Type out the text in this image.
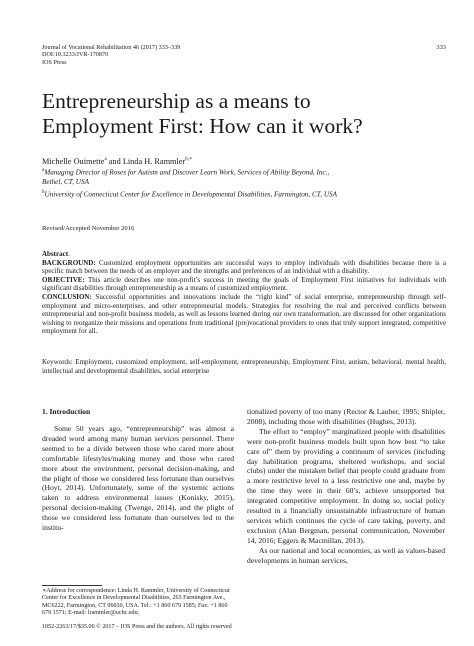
Journal of Vocational Rehabilitation 46 (2017) 333–339
DOI:10.3233/JVR-170870
IOS Press
333
Entrepreneurship as a means to
Employment First: How can it work?
Michelle Ouimette$^a$ and Linda H. Rammler$^{b,∗}$
$^a$Managing Director of Roses for Autism and Discover Learn Work, Services of Ability Beyond, Inc.,
Bethel, CT, USA
$^b$University of Connecticut Center for Excellence in Developmental Disabilities, Farmington, CT, USA
Revised/Accepted November 2016

Abstract.

BACKGROUND: Customized employment opportunities are successful ways to employ individuals with disabilities because there is a specific match between the needs of an employer and the strengths and preferences of an individual with a disability.

OBJECTIVE: This article describes one non-profit’s success in meeting the goals of Employment First initiatives for individuals with significant disabilities through entrepreneurship as a means of customized employment.

CONCLUSION: Successful opportunities and innovations include the “right kind” of social enterprise, entrepreneurship through self-employment and micro-enterprises, and other entrepreneurial models. Strategies for resolving the real and perceived conflicts between entrepreneurial and non-profit business models, as well as lessons learned during our own transformation, are discussed for other organizations wishing to reorganize their missions and operations from traditional (pre)vocational providers to ones that truly support integrated, competitive employment for all.

Keywords: Employment, customized employment, self-employment, entrepreneurship, Employment First, autism, behavioral, mental health, intellectual and developmental disabilities, social enterprise
1. Introduction

Some 50 years ago, “entrepreneurship” was almost a dreaded word among many human services personnel. There seemed to be a divide between those who cared more about comfortable lifestyles/making money and those who cared more about the environment, personal decision-making, and the plight of those we considered less fortunate than ourselves (Hoyt, 2014). Unfortunately, some of the systemic actions taken to address environmental issues (Konisky, 2015), personal decision-making (Twenge, 2014), and the plight of those we considered less fortunate than ourselves led to the institu-

tionalized poverty of too many (Rector & Lauber, 1995; Shipler, 2008), including those with disabilities (Hughes, 2013).

The effort to “employ” marginalized people with disabilities were non-profit business models built upon how best “to take care of” them by providing a continuum of services (including day habilitation programs, sheltered workshops, and social clubs) under the mistaken belief that people could graduate from a more restrictive level to a less restrictive one and, maybe by the time they were in their 60’s, achieve unsupported but integrated competitive employment. In doing so, social policy resulted in a financially unsustainable infrastructure of human services which continues the cycle of care taking, poverty, and exclusion (Alan Bergman, personal communication, November 14, 2016; Eggers & Macmillan, 2013).

As our national and local economies, as well as values-based developments in human services,

∗Address for correspondence: Linda H. Rammler, University of Connecticut Center for Excellence in Developmental Disabilities, 263 Farmington Ave., MC6222, Farmington, CT 06030, USA. Tel.: +1 860 679 1585; Fax: +1 860 679 1571; E-mail: lrammler@uchc.edu.

1052-2263/17/$35.00 © 2017 – IOS Press and the authors. All rights reserved
